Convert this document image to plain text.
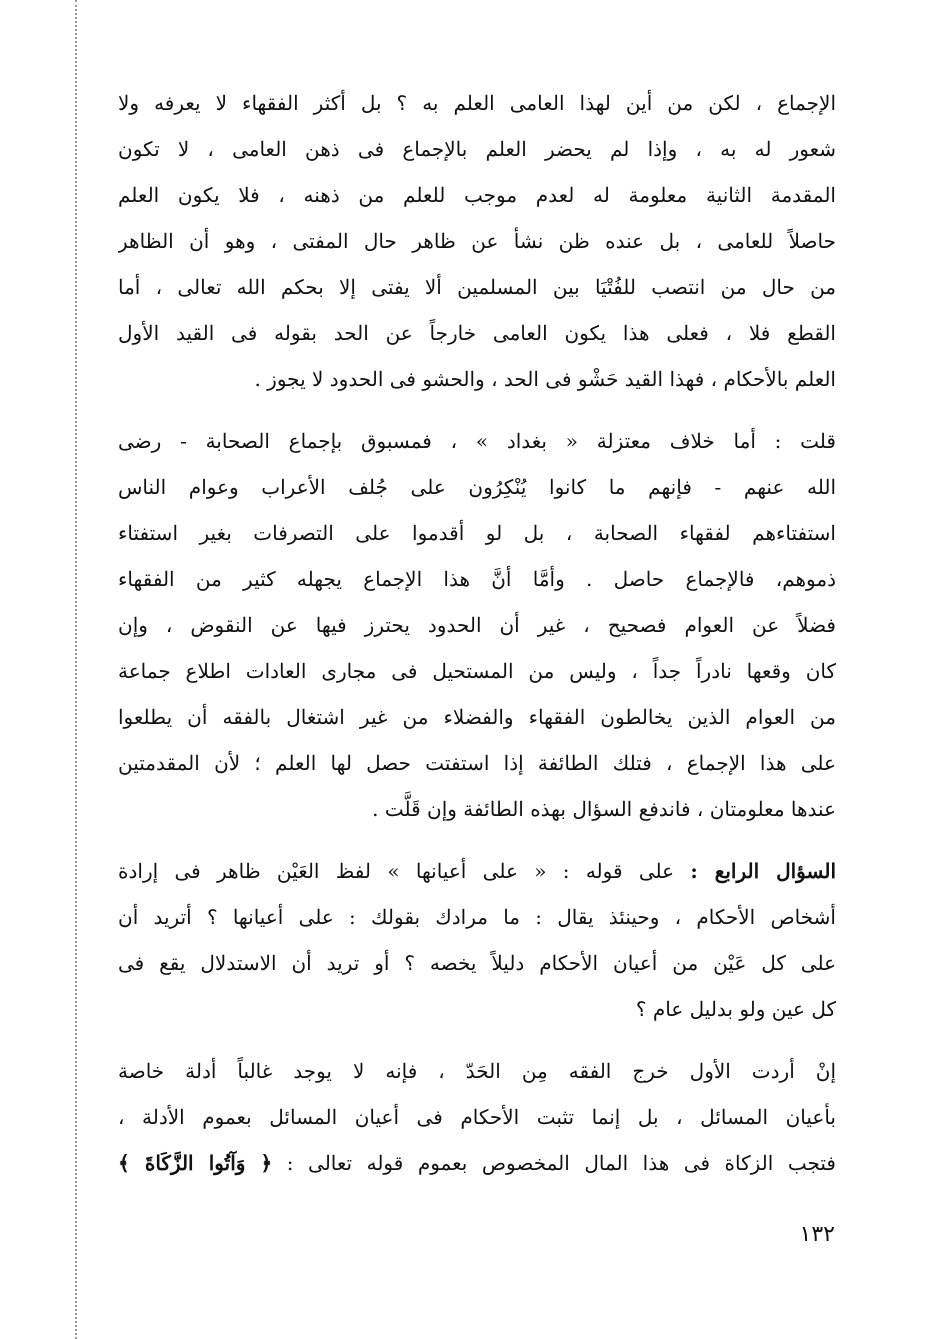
الإجماع ، لكن من أين لهذا العامى العلم به ؟ بل أكثر الفقهاء لا يعرفه ولا
شعور له به ، وإذا لم يحضر العلم بالإجماع فى ذهن العامى ، لا تكون
المقدمة الثانية معلومة له لعدم موجب للعلم من ذهنه ، فلا يكون العلم
حاصلاً للعامى ، بل عنده ظن نشأ عن ظاهر حال المفتى ، وهو أن الظاهر
من حال من انتصب للفُتْيَا بين المسلمين ألا يفتى إلا بحكم الله تعالى ، أما
القطع فلا ، فعلى هذا يكون العامى خارجاً عن الحد بقوله فى القيد الأول
العلم بالأحكام ، فهذا القيد حَشْو فى الحد ، والحشو فى الحدود لا يجوز .
قلت : أما خلاف معتزلة « بغداد » ، فمسبوق بإجماع الصحابة - رضى
الله عنهم - فإنهم ما كانوا يُنْكِرُون على جُلف الأعراب وعوام الناس
استفتاءهم لفقهاء الصحابة ، بل لو أقدموا على التصرفات بغير استفتاء
ذموهم، فالإجماع حاصل . وأمَّا أنَّ هذا الإجماع يجهله كثير من الفقهاء
فضلاً عن العوام فصحيح ، غير أن الحدود يحترز فيها عن النقوض ، وإن
كان وقعها نادراً جداً ، وليس من المستحيل فى مجارى العادات اطلاع جماعة
من العوام الذين يخالطون الفقهاء والفضلاء من غير اشتغال بالفقه أن يطلعوا
على هذا الإجماع ، فتلك الطائفة إذا استفتت حصل لها العلم ؛ لأن المقدمتين
عندها معلومتان ، فاندفع السؤال بهذه الطائفة وإن قَلَّت .
السؤال الرابع : على قوله : « على أعيانها » لفظ العَيْن ظاهر فى إرادة
أشخاص الأحكام ، وحينئذ يقال : ما مرادك بقولك : على أعيانها ؟ أتريد أن
على كل عَيْن من أعيان الأحكام دليلاً يخصه ؟ أو تريد أن الاستدلال يقع فى
كل عين ولو بدليل عام ؟
إنْ أردت الأول خرج الفقه مِن الحَدّ ، فإنه لا يوجد غالباً أدلة خاصة
بأعيان المسائل ، بل إنما تثبت الأحكام فى أعيان المسائل بعموم الأدلة ،
فتجب الزكاة فى هذا المال المخصوص بعموم قوله تعالى : ﴿ وَآتُوا الزَّكَاةَ ﴾
١٣٢
